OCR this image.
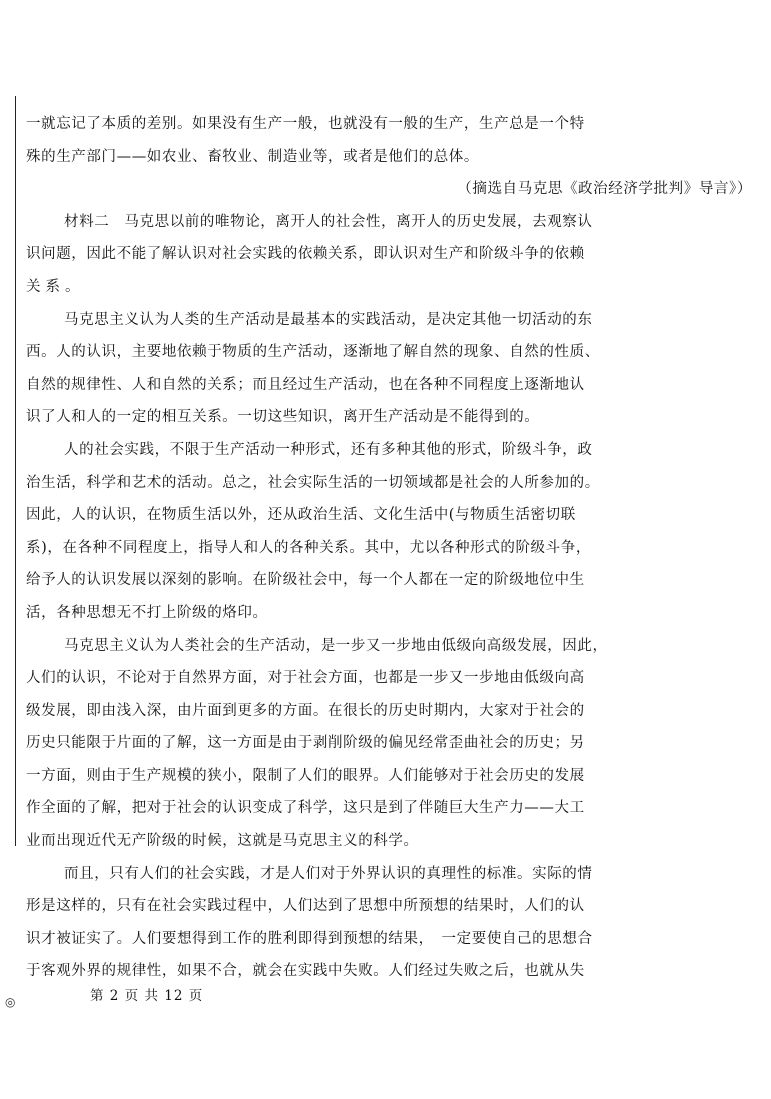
一就忘记了本质的差别。如果没有生产一般，也就没有一般的生产，生产总是一个特
殊的生产部门——如农业、畜牧业、制造业等，或者是他们的总体。
（摘选自马克思《政治经济学批判》导言》）
材料二　马克思以前的唯物论，离开人的社会性，离开人的历史发展，去观察认
识问题，因此不能了解认识对社会实践的依赖关系，即认识对生产和阶级斗争的依赖
关系。
马克思主义认为人类的生产活动是最基本的实践活动，是决定其他一切活动的东
西。人的认识，主要地依赖于物质的生产活动，逐渐地了解自然的现象、自然的性质、
自然的规律性、人和自然的关系；而且经过生产活动，也在各种不同程度上逐渐地认
识了人和人的一定的相互关系。一切这些知识，离开生产活动是不能得到的。
人的社会实践，不限于生产活动一种形式，还有多种其他的形式，阶级斗争，政
治生活，科学和艺术的活动。总之，社会实际生活的一切领域都是社会的人所参加的。
因此，人的认识，在物质生活以外，还从政治生活、文化生活中(与物质生活密切联
系)，在各种不同程度上，指导人和人的各种关系。其中，尤以各种形式的阶级斗争，
给予人的认识发展以深刻的影响。在阶级社会中，每一个人都在一定的阶级地位中生
活，各种思想无不打上阶级的烙印。
马克思主义认为人类社会的生产活动，是一步又一步地由低级向高级发展，因此，
人们的认识，不论对于自然界方面，对于社会方面，也都是一步又一步地由低级向高
级发展，即由浅入深，由片面到更多的方面。在很长的历史时期内，大家对于社会的
历史只能限于片面的了解，这一方面是由于剥削阶级的偏见经常歪曲社会的历史；另
一方面，则由于生产规模的狭小，限制了人们的眼界。人们能够对于社会历史的发展
作全面的了解，把对于社会的认识变成了科学，这只是到了伴随巨大生产力——大工
业而出现近代无产阶级的时候，这就是马克思主义的科学。
而且，只有人们的社会实践，才是人们对于外界认识的真理性的标准。实际的情
形是这样的，只有在社会实践过程中，人们达到了思想中所预想的结果时，人们的认
识才被证实了。人们要想得到工作的胜利即得到预想的结果，　一定要使自己的思想合
于客观外界的规律性，如果不合，就会在实践中失败。人们经过失败之后，也就从失
◎	第 2 页 共 12 页
